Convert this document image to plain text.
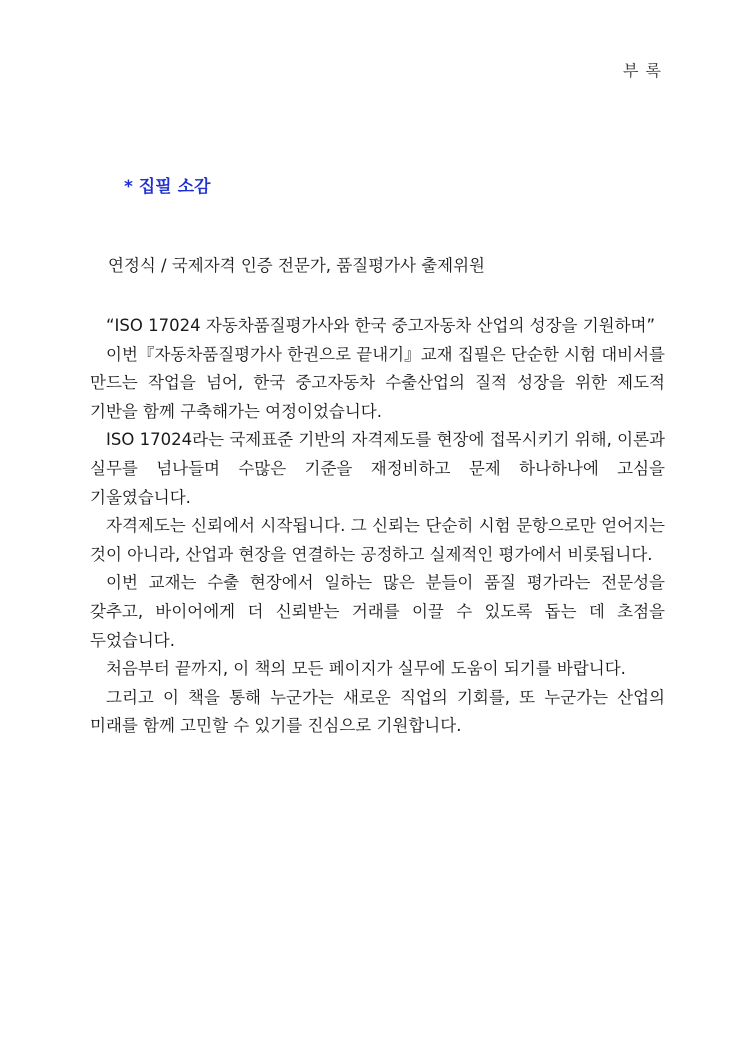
부 록
* 집필 소감
연정식 / 국제자격 인증 전문가, 품질평가사 출제위원

“ISO 17024 자동차품질평가사와 한국 중고자동차 산업의 성장을 기원하며”

이번『자동차품질평가사 한권으로 끝내기』교재 집필은 단순한 시험 대비서를 만드는 작업을 넘어, 한국 중고자동차 수출산업의 질적 성장을 위한 제도적 기반을 함께 구축해가는 여정이었습니다.

ISO 17024라는 국제표준 기반의 자격제도를 현장에 접목시키기 위해, 이론과 실무를 넘나들며 수많은 기준을 재정비하고 문제 하나하나에 고심을 기울였습니다.

자격제도는 신뢰에서 시작됩니다. 그 신뢰는 단순히 시험 문항으로만 얻어지는 것이 아니라, 산업과 현장을 연결하는 공정하고 실제적인 평가에서 비롯됩니다.

이번 교재는 수출 현장에서 일하는 많은 분들이 품질 평가라는 전문성을 갖추고, 바이어에게 더 신뢰받는 거래를 이끌 수 있도록 돕는 데 초점을 두었습니다.

처음부터 끝까지, 이 책의 모든 페이지가 실무에 도움이 되기를 바랍니다.

그리고 이 책을 통해 누군가는 새로운 직업의 기회를, 또 누군가는 산업의 미래를 함께 고민할 수 있기를 진심으로 기원합니다.
